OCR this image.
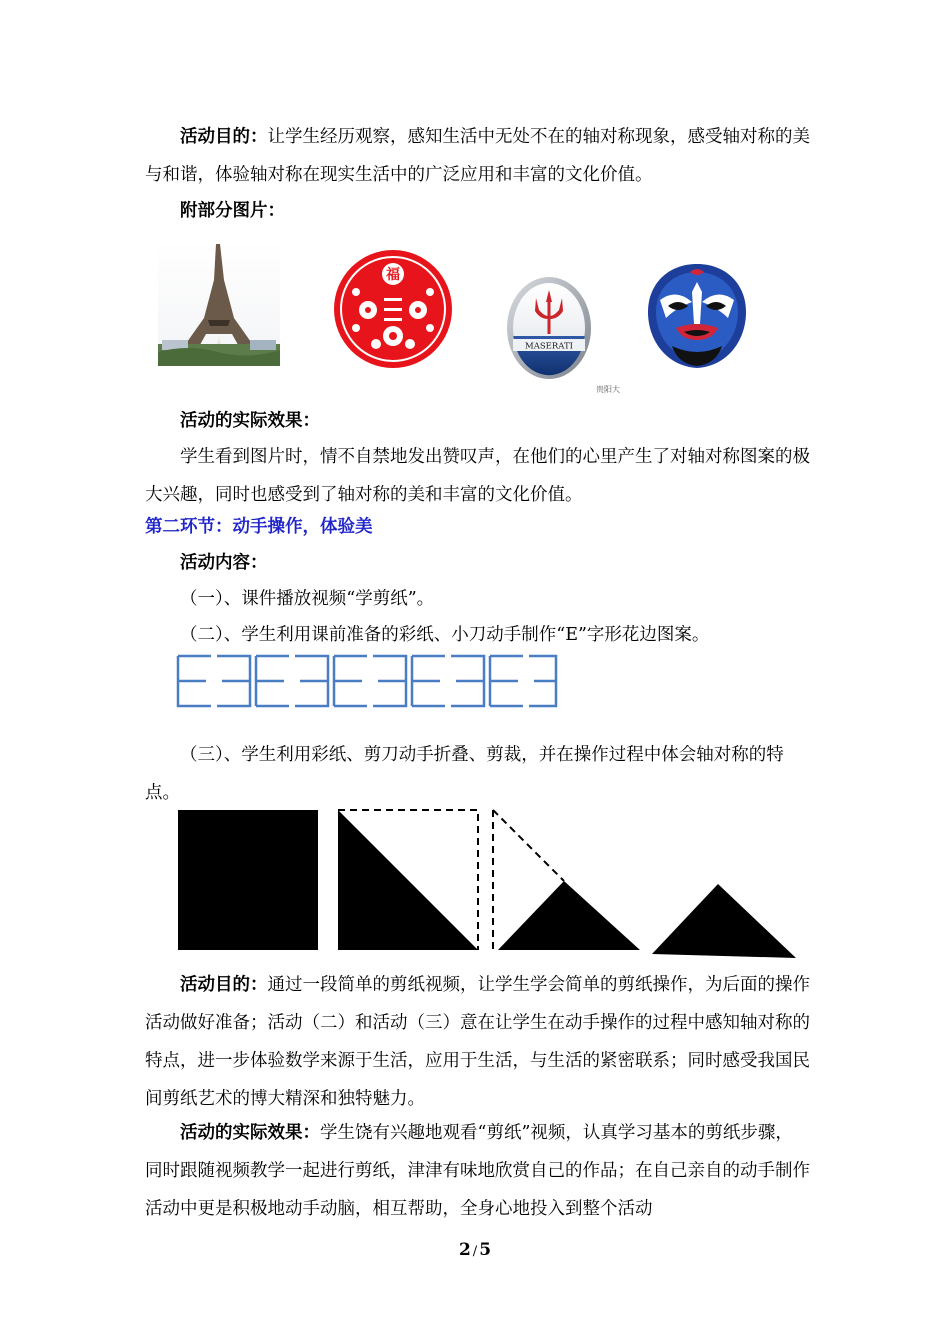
活动目的：让学生经历观察，感知生活中无处不在的轴对称现象，感受轴对称的美与和谐，体验轴对称在现实生活中的广泛应用和丰富的文化价值。

附部分图片：

福
MASERATI
贵阳大

活动的实际效果：

学生看到图片时，情不自禁地发出赞叹声，在他们的心里产生了对轴对称图案的极大兴趣，同时也感受到了轴对称的美和丰富的文化价值。

第二环节：动手操作，体验美

活动内容：

（一）、课件播放视频“学剪纸”。

（二）、学生利用课前准备的彩纸、小刀动手制作“E”字形花边图案。

（三）、学生利用彩纸、剪刀动手折叠、剪裁，并在操作过程中体会轴对称的特点。

活动目的：通过一段简单的剪纸视频，让学生学会简单的剪纸操作，为后面的操作活动做好准备；活动（二）和活动（三）意在让学生在动手操作的过程中感知轴对称的特点，进一步体验数学来源于生活，应用于生活，与生活的紧密联系；同时感受我国民间剪纸艺术的博大精深和独特魅力。

活动的实际效果：学生饶有兴趣地观看“剪纸”视频，认真学习基本的剪纸步骤，同时跟随视频教学一起进行剪纸，津津有味地欣赏自己的作品；在自己亲自的动手制作活动中更是积极地动手动脑，相互帮助，全身心地投入到整个活动

2 / 5
